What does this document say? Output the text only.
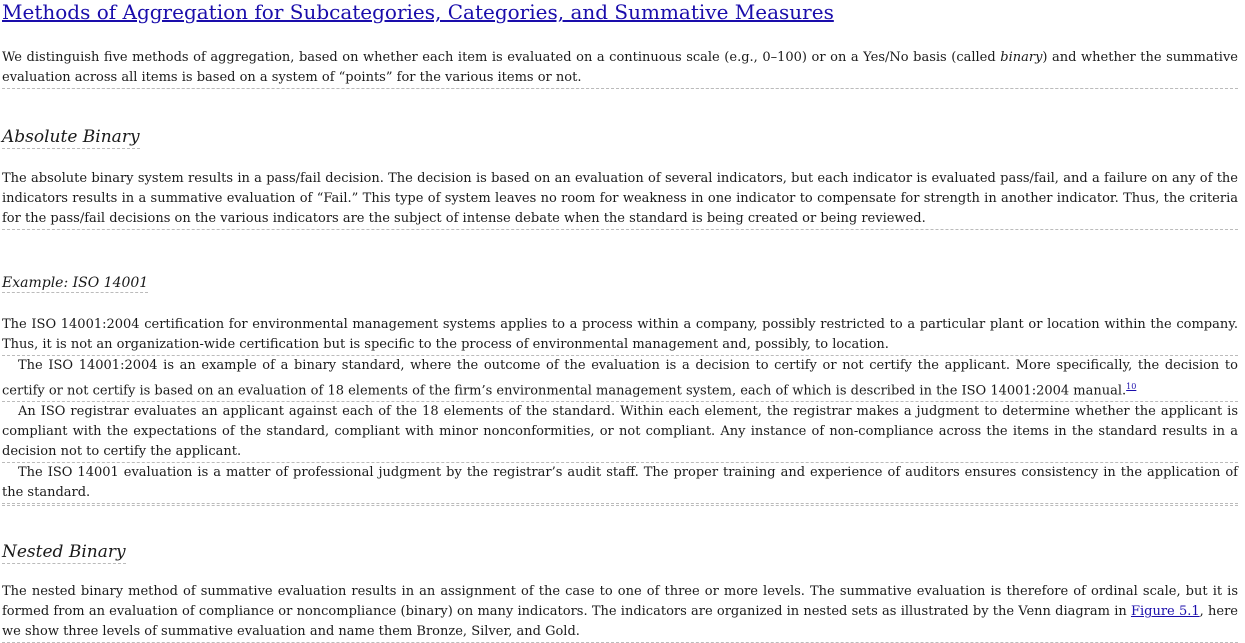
Methods of Aggregation for Subcategories, Categories, and Summative Measures

We distinguish five methods of aggregation, based on whether each item is evaluated on a continuous scale (e.g., 0–100) or on a Yes/No basis (called binary) and whether the summative evaluation across all items is based on a system of “points” for the various items or not.

Absolute Binary

The absolute binary system results in a pass/fail decision. The decision is based on an evaluation of several indicators, but each indicator is evaluated pass/fail, and a failure on any of the indicators results in a summative evaluation of “Fail.” This type of system leaves no room for weakness in one indicator to compensate for strength in another indicator. Thus, the criteria for the pass/fail decisions on the various indicators are the subject of intense debate when the standard is being created or being reviewed.

Example: ISO 14001

The ISO 14001:2004 certification for environmental management systems applies to a process within a company, possibly restricted to a particular plant or location within the company. Thus, it is not an organization-wide certification but is specific to the process of environmental management and, possibly, to location.

The ISO 14001:2004 is an example of a binary standard, where the outcome of the evaluation is a decision to certify or not certify the applicant. More specifically, the decision to certify or not certify is based on an evaluation of 18 elements of the firm’s environmental management system, each of which is described in the ISO 14001:2004 manual.$^{10}$

An ISO registrar evaluates an applicant against each of the 18 elements of the standard. Within each element, the registrar makes a judgment to determine whether the applicant is compliant with the expectations of the standard, compliant with minor nonconformities, or not compliant. Any instance of non-compliance across the items in the standard results in a decision not to certify the applicant.

The ISO 14001 evaluation is a matter of professional judgment by the registrar’s audit staff. The proper training and experience of auditors ensures consistency in the application of the standard.

Nested Binary

The nested binary method of summative evaluation results in an assignment of the case to one of three or more levels. The summative evaluation is therefore of ordinal scale, but it is formed from an evaluation of compliance or noncompliance (binary) on many indicators. The indicators are organized in nested sets as illustrated by the Venn diagram in Figure 5.1, here we show three levels of summative evaluation and name them Bronze, Silver, and Gold.
